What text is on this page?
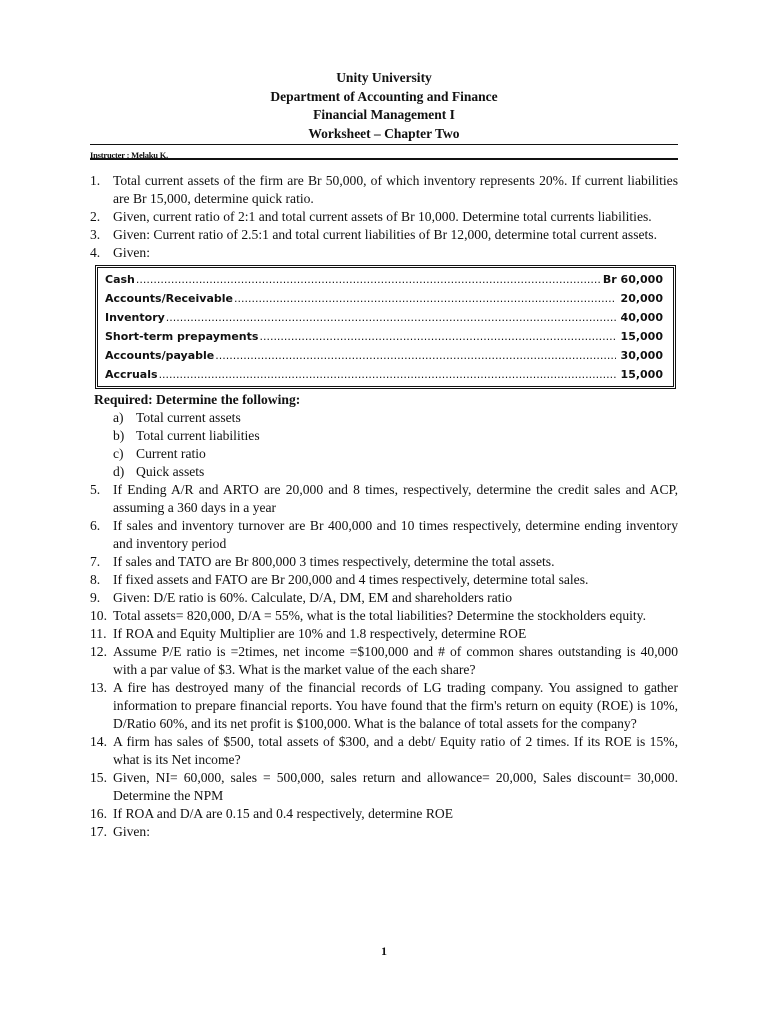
Unity University
Department of Accounting and Finance
Financial Management I
Worksheet – Chapter Two
Instructer : Melaku K.
1. Total current assets of the firm are Br 50,000, of which inventory represents 20%. If current liabilities are Br 15,000, determine quick ratio.
2. Given, current ratio of 2:1 and total current assets of Br 10,000. Determine total currents liabilities.
3. Given: Current ratio of 2.5:1 and total current liabilities of Br 12,000, determine total current assets.
4. Given:
Cash .....	Br 60,000
Accounts/Receivable .....	20,000
Inventory .....	40,000
Short-term prepayments .....	15,000
Accounts/payable .....	30,000
Accruals .....	15,000
Required: Determine the following:
a) Total current assets
b) Total current liabilities
c) Current ratio
d) Quick assets
5. If Ending A/R and ARTO are 20,000 and 8 times, respectively, determine the credit sales and ACP, assuming a 360 days in a year
6. If sales and inventory turnover are Br 400,000 and 10 times respectively, determine ending inventory and inventory period
7. If sales and TATO are Br 800,000 3 times respectively, determine the total assets.
8. If fixed assets and FATO are Br 200,000 and 4 times respectively, determine total sales.
9. Given: D/E ratio is 60%. Calculate, D/A, DM, EM and shareholders ratio
10. Total assets= 820,000, D/A = 55%, what is the total liabilities? Determine the stockholders equity.
11. If ROA and Equity Multiplier are 10% and 1.8 respectively, determine ROE
12. Assume P/E ratio is =2times, net income =$100,000 and # of common shares outstanding is 40,000 with a par value of $3. What is the market value of the each share?
13. A fire has destroyed many of the financial records of LG trading company. You assigned to gather information to prepare financial reports. You have found that the firm's return on equity (ROE) is 10%, D/Ratio 60%, and its net profit is $100,000. What is the balance of total assets for the company?
14. A firm has sales of $500, total assets of $300, and a debt/ Equity ratio of 2 times. If its ROE is 15%, what is its Net income?
15. Given, NI= 60,000, sales = 500,000, sales return and allowance= 20,000, Sales discount= 30,000. Determine the NPM
16. If ROA and D/A are 0.15 and 0.4 respectively, determine ROE
17. Given:
1
